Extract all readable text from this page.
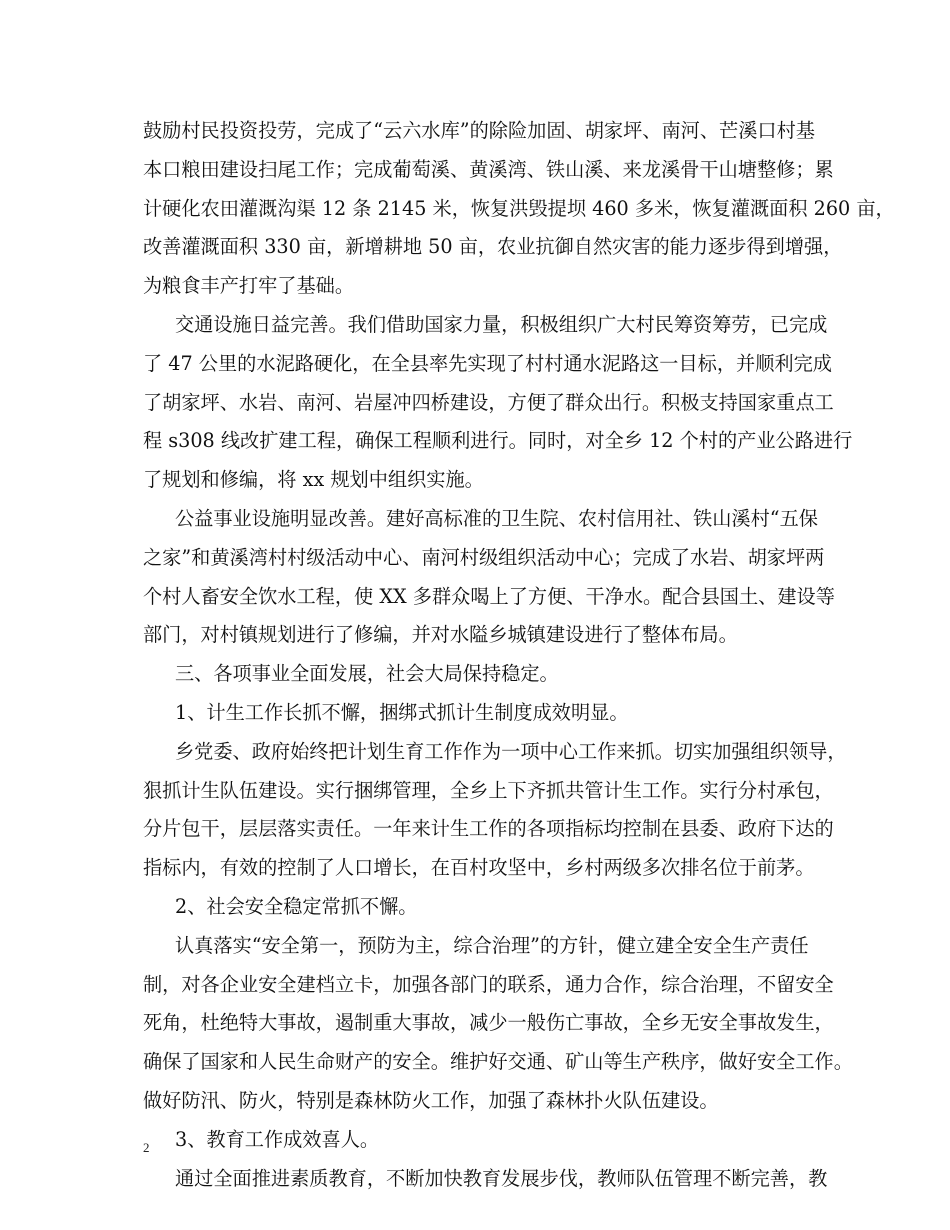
鼓励村民投资投劳，完成了“云六水库”的除险加固、胡家坪、南河、芒溪口村基
本口粮田建设扫尾工作；完成葡萄溪、黄溪湾、铁山溪、来龙溪骨干山塘整修；累
计硬化农田灌溉沟渠 12 条 2145 米，恢复洪毁提坝 460 多米，恢复灌溉面积 260 亩，
改善灌溉面积 330 亩，新增耕地 50 亩，农业抗御自然灾害的能力逐步得到增强，
为粮食丰产打牢了基础。
交通设施日益完善。我们借助国家力量，积极组织广大村民筹资筹劳，已完成
了 47 公里的水泥路硬化，在全县率先实现了村村通水泥路这一目标，并顺利完成
了胡家坪、水岩、南河、岩屋冲四桥建设，方便了群众出行。积极支持国家重点工
程 s308 线改扩建工程，确保工程顺利进行。同时，对全乡 12 个村的产业公路进行
了规划和修编，将 xx 规划中组织实施。
公益事业设施明显改善。建好高标准的卫生院、农村信用社、铁山溪村“五保
之家”和黄溪湾村村级活动中心、南河村级组织活动中心；完成了水岩、胡家坪两
个村人畜安全饮水工程，使 XX 多群众喝上了方便、干净水。配合县国土、建设等
部门，对村镇规划进行了修编，并对水隘乡城镇建设进行了整体布局。
三、各项事业全面发展，社会大局保持稳定。
1、计生工作长抓不懈，捆绑式抓计生制度成效明显。
乡党委、政府始终把计划生育工作作为一项中心工作来抓。切实加强组织领导，
狠抓计生队伍建设。实行捆绑管理，全乡上下齐抓共管计生工作。实行分村承包，
分片包干，层层落实责任。一年来计生工作的各项指标均控制在县委、政府下达的
指标内，有效的控制了人口增长，在百村攻坚中，乡村两级多次排名位于前茅。
2、社会安全稳定常抓不懈。
认真落实“安全第一，预防为主，综合治理”的方针，健立建全安全生产责任
制，对各企业安全建档立卡，加强各部门的联系，通力合作，综合治理，不留安全
死角，杜绝特大事故，遏制重大事故，减少一般伤亡事故，全乡无安全事故发生，
确保了国家和人民生命财产的安全。维护好交通、矿山等生产秩序，做好安全工作。
做好防汛、防火，特别是森林防火工作，加强了森林扑火队伍建设。
3、教育工作成效喜人。
通过全面推进素质教育，不断加快教育发展步伐，教师队伍管理不断完善，教
2
